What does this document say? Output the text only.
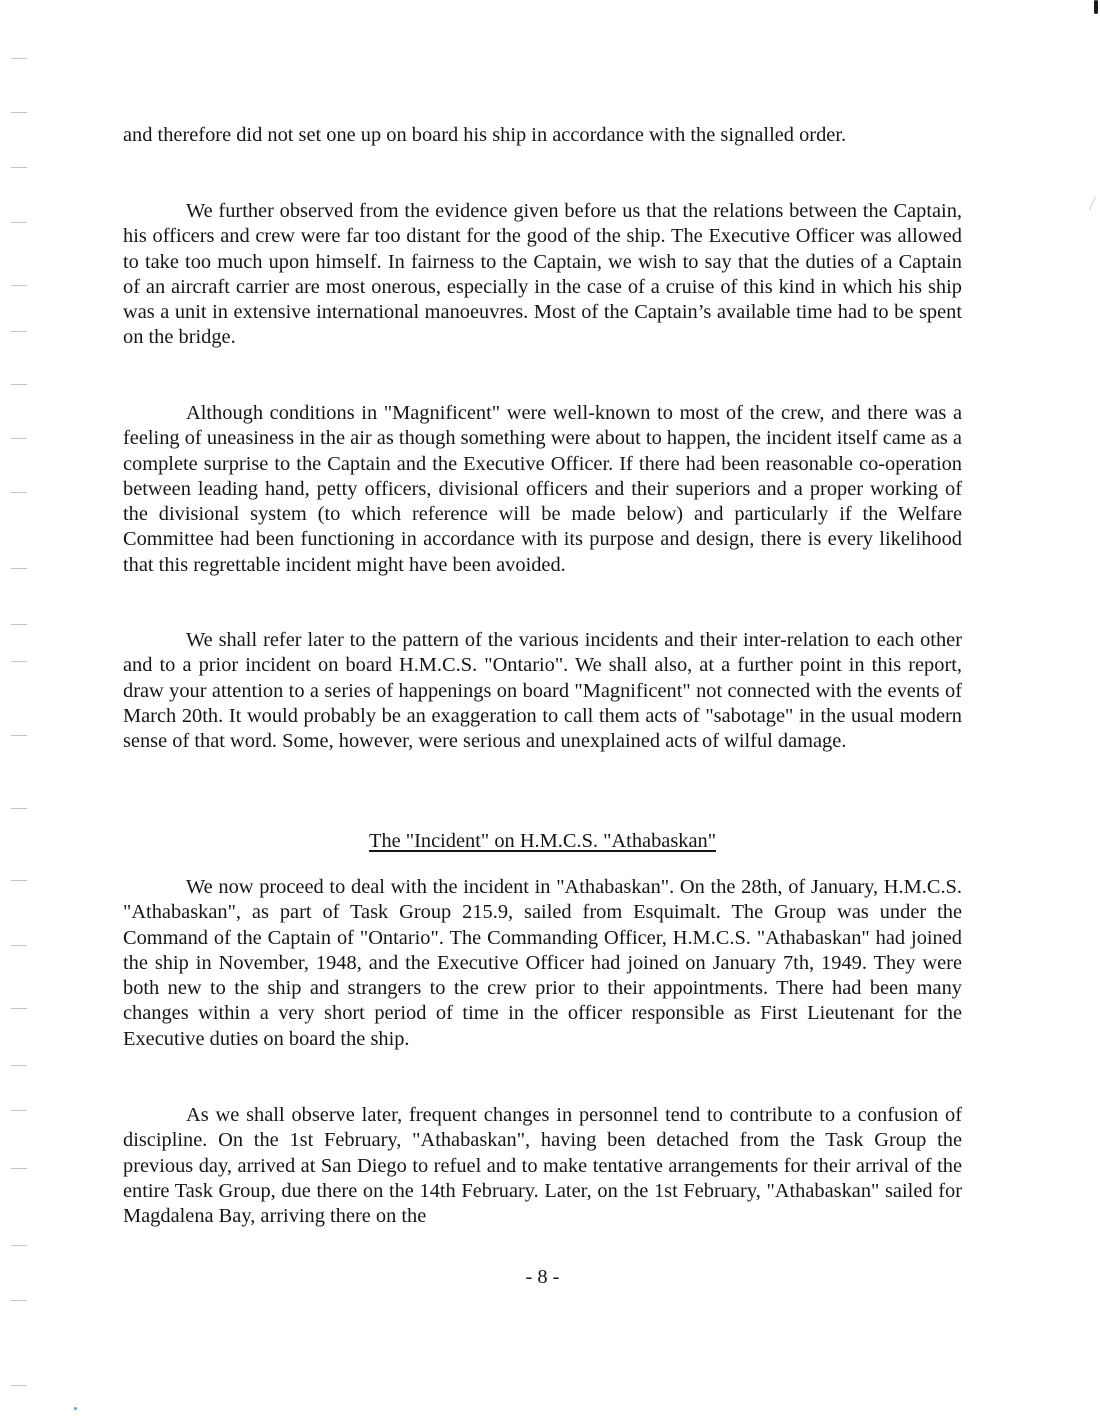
and therefore did not set one up on board his ship in accordance with the signalled order.

We further observed from the evidence given before us that the relations between the Captain, his officers and crew were far too distant for the good of the ship. The Executive Officer was allowed to take too much upon himself. In fairness to the Captain, we wish to say that the duties of a Captain of an aircraft carrier are most onerous, especially in the case of a cruise of this kind in which his ship was a unit in extensive international manoeuvres. Most of the Captain’s available time had to be spent on the bridge.

Although conditions in "Magnificent" were well-known to most of the crew, and there was a feeling of uneasiness in the air as though something were about to happen, the incident itself came as a complete surprise to the Captain and the Executive Officer. If there had been reasonable co-operation between leading hand, petty officers, divisional officers and their superiors and a proper working of the divisional system (to which reference will be made below) and particularly if the Welfare Committee had been functioning in accordance with its purpose and design, there is every likelihood that this regrettable incident might have been avoided.

We shall refer later to the pattern of the various incidents and their inter-relation to each other and to a prior incident on board H.M.C.S. "Ontario". We shall also, at a further point in this report, draw your attention to a series of happenings on board "Magnificent" not connected with the events of March 20th. It would probably be an exaggeration to call them acts of "sabotage" in the usual modern sense of that word. Some, however, were serious and unexplained acts of wilful damage.

The "Incident" on H.M.C.S. "Athabaskan"

We now proceed to deal with the incident in "Athabaskan". On the 28th, of January, H.M.C.S. "Athabaskan", as part of Task Group 215.9, sailed from Esquimalt. The Group was under the Command of the Captain of "Ontario". The Commanding Officer, H.M.C.S. "Athabaskan" had joined the ship in November, 1948, and the Executive Officer had joined on January 7th, 1949. They were both new to the ship and strangers to the crew prior to their appointments. There had been many changes within a very short period of time in the officer responsible as First Lieutenant for the Executive duties on board the ship.

As we shall observe later, frequent changes in personnel tend to contribute to a confusion of discipline. On the 1st February, "Athabaskan", having been detached from the Task Group the previous day, arrived at San Diego to refuel and to make tentative arrangements for their arrival of the entire Task Group, due there on the 14th February. Later, on the 1st February, "Athabaskan" sailed for Magdalena Bay, arriving there on the

- 8 -
